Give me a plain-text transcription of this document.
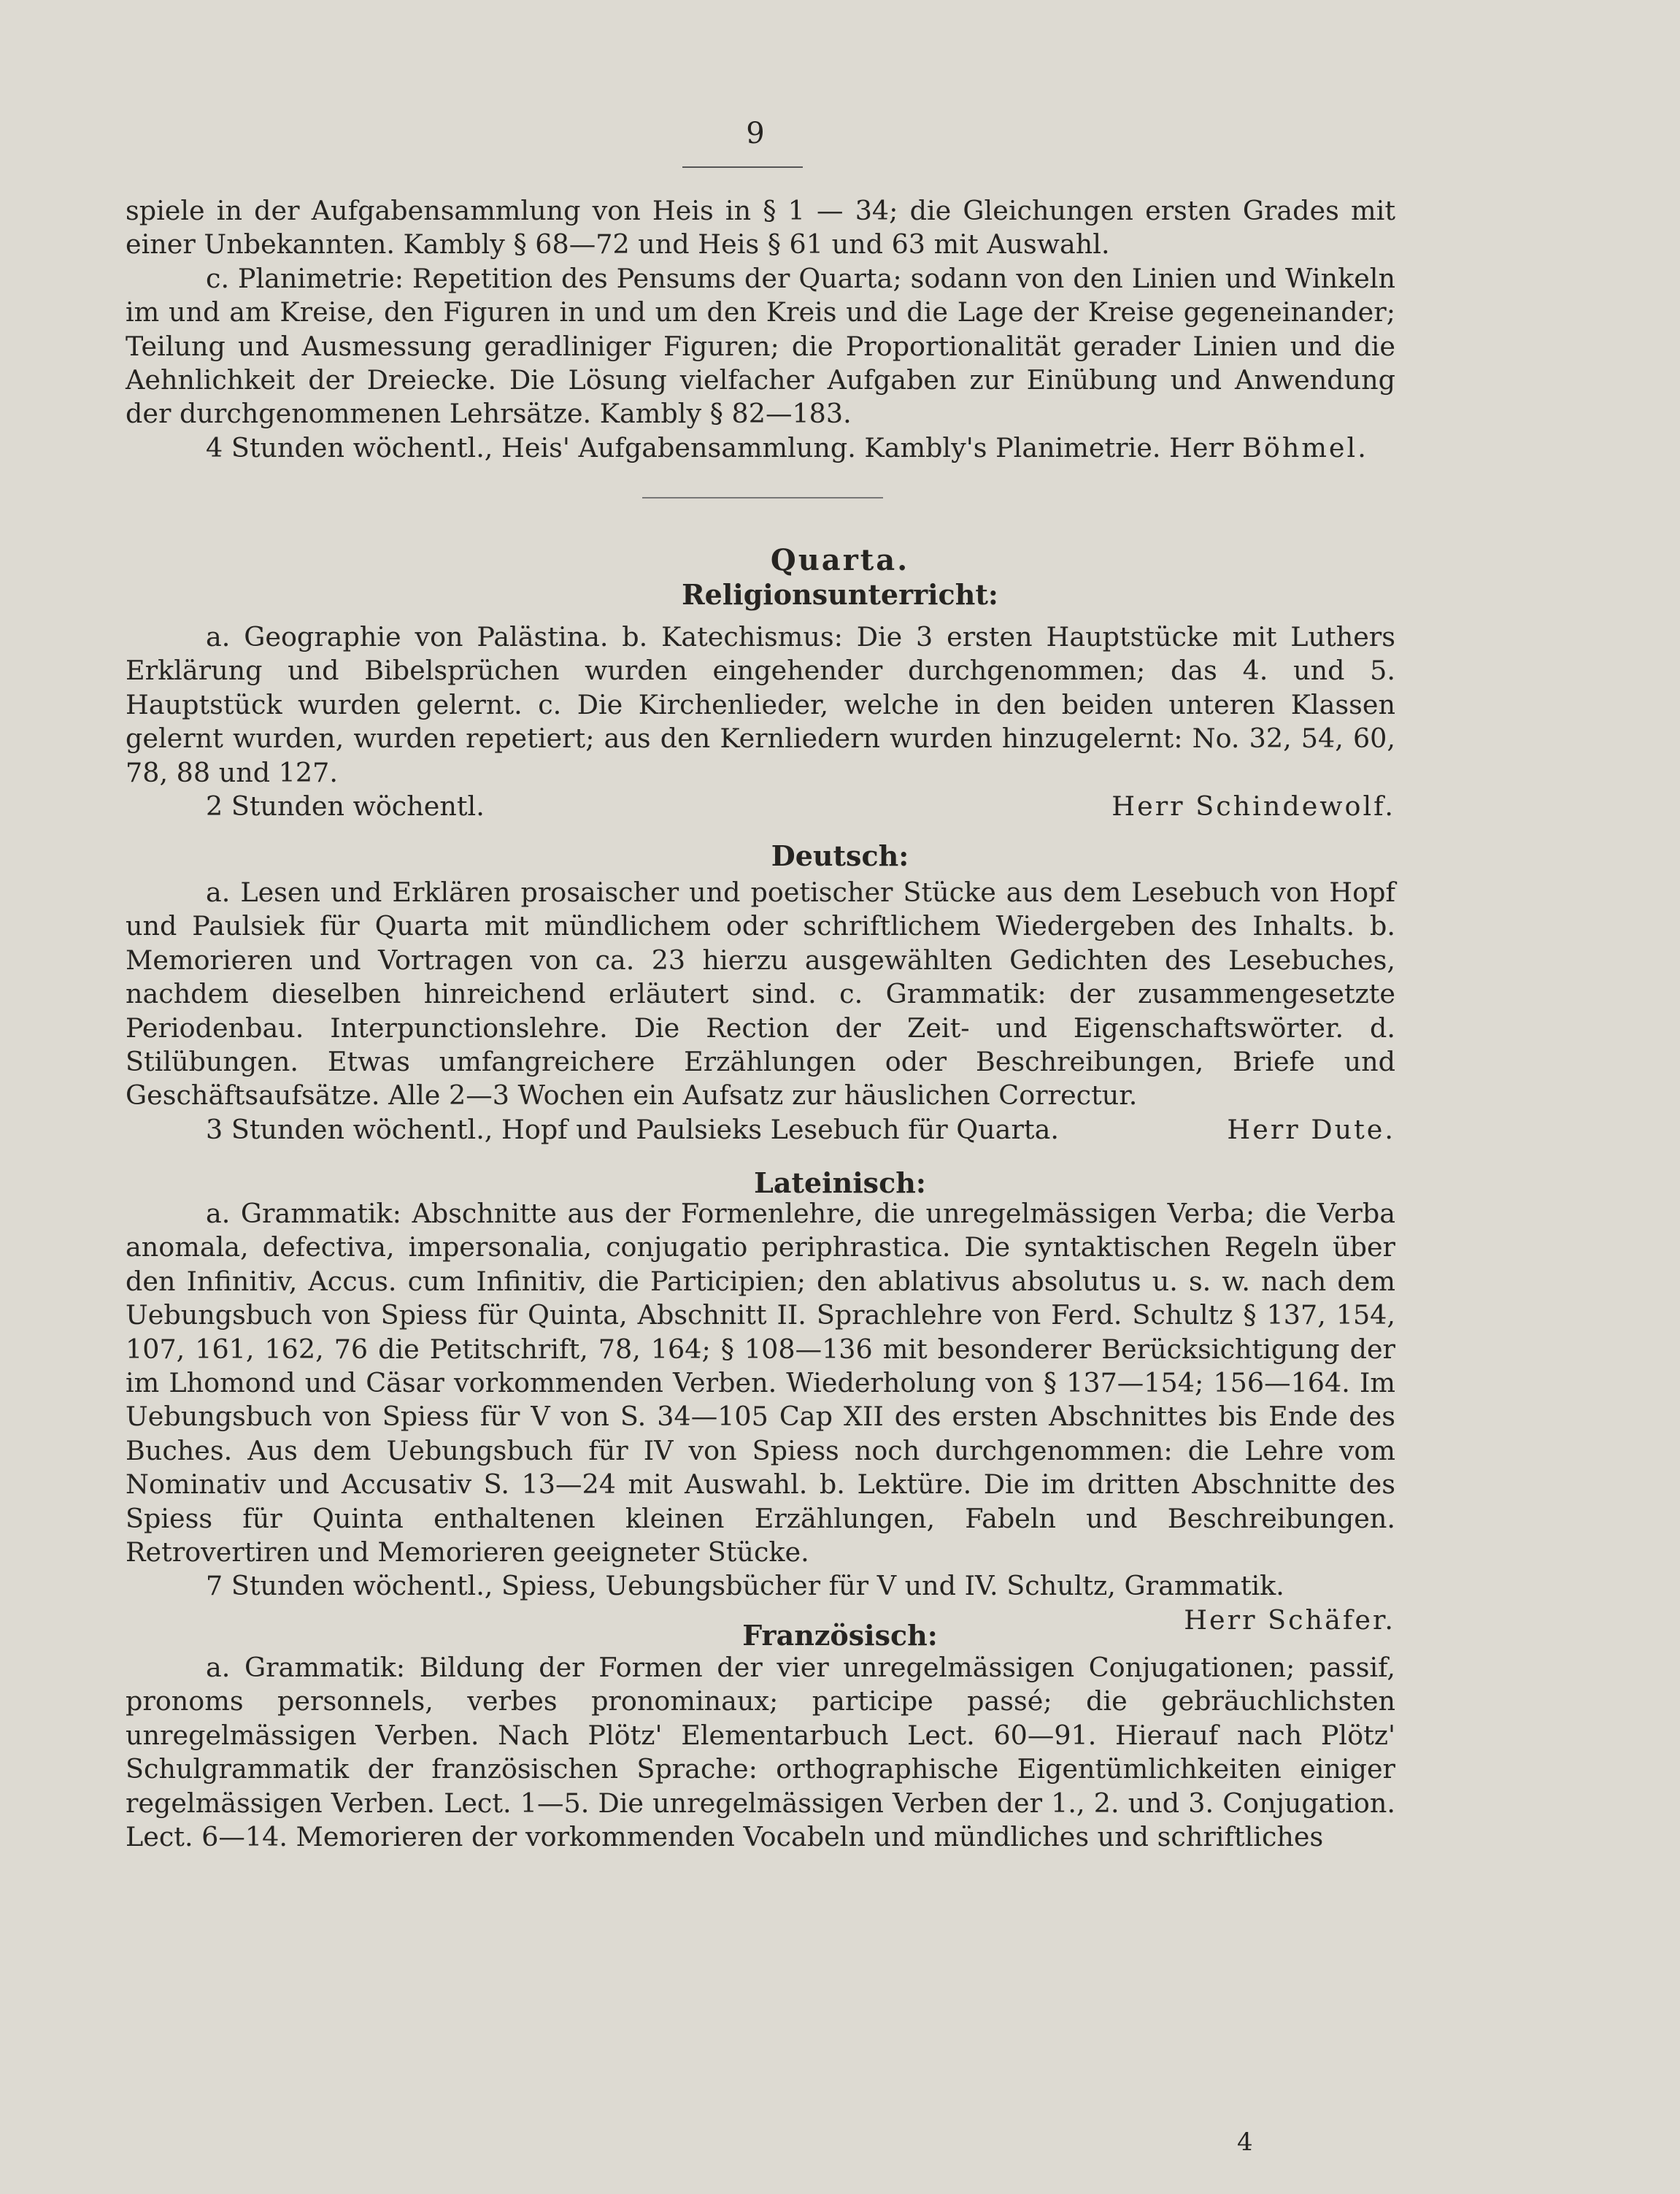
9

spiele in der Aufgabensammlung von Heis in § 1 — 34; die Gleichungen ersten Grades mit einer Unbekannten. Kambly § 68—72 und Heis § 61 und 63 mit Auswahl.

c. Planimetrie: Repetition des Pensums der Quarta; sodann von den Linien und Winkeln im und am Kreise, den Figuren in und um den Kreis und die Lage der Kreise gegeneinander; Teilung und Ausmessung geradliniger Figuren; die Proportionalität gerader Linien und die Aehnlichkeit der Dreiecke. Die Lösung vielfacher Aufgaben zur Einübung und Anwendung der durchgenommenen Lehrsätze. Kambly § 82—183.

4 Stunden wöchentl., Heis' Aufgabensammlung. Kambly's Planimetrie. Herr Böhmel.

Quarta.
Religionsunterricht:

a. Geographie von Palästina. b. Katechismus: Die 3 ersten Hauptstücke mit Luthers Erklärung und Bibelsprüchen wurden eingehender durchgenommen; das 4. und 5. Hauptstück wurden gelernt. c. Die Kirchenlieder, welche in den beiden unteren Klassen gelernt wurden, wurden repetiert; aus den Kernliedern wurden hinzugelernt: No. 32, 54, 60, 78, 88 und 127.

2 Stunden wöchentl.	Herr Schindewolf.

Deutsch:

a. Lesen und Erklären prosaischer und poetischer Stücke aus dem Lesebuch von Hopf und Paulsiek für Quarta mit mündlichem oder schriftlichem Wiedergeben des Inhalts. b. Memorieren und Vortragen von ca. 23 hierzu ausgewählten Gedichten des Lesebuches, nachdem dieselben hinreichend erläutert sind. c. Grammatik: der zusammengesetzte Periodenbau. Interpunctionslehre. Die Rection der Zeit- und Eigenschaftswörter. d. Stilübungen. Etwas umfangreichere Erzählungen oder Beschreibungen, Briefe und Geschäftsaufsätze. Alle 2—3 Wochen ein Aufsatz zur häuslichen Correctur.

3 Stunden wöchentl., Hopf und Paulsieks Lesebuch für Quarta.	Herr Dute.

Lateinisch:

a. Grammatik: Abschnitte aus der Formenlehre, die unregelmässigen Verba; die Verba anomala, defectiva, impersonalia, conjugatio periphrastica. Die syntaktischen Regeln über den Infinitiv, Accus. cum Infinitiv, die Participien; den ablativus absolutus u. s. w. nach dem Uebungsbuch von Spiess für Quinta, Abschnitt II. Sprachlehre von Ferd. Schultz § 137, 154, 107, 161, 162, 76 die Petitschrift, 78, 164; § 108—136 mit besonderer Berücksichtigung der im Lhomond und Cäsar vorkommenden Verben. Wiederholung von § 137—154; 156—164. Im Uebungsbuch von Spiess für V von S. 34—105 Cap XII des ersten Abschnittes bis Ende des Buches. Aus dem Uebungsbuch für IV von Spiess noch durchgenommen: die Lehre vom Nominativ und Accusativ S. 13—24 mit Auswahl. b. Lektüre. Die im dritten Abschnitte des Spiess für Quinta enthaltenen kleinen Erzählungen, Fabeln und Beschreibungen. Retrovertiren und Memorieren geeigneter Stücke.

7 Stunden wöchentl., Spiess, Uebungsbücher für V und IV. Schultz, Grammatik.

Herr Schäfer.

Französisch:

a. Grammatik: Bildung der Formen der vier unregelmässigen Conjugationen; passif, pronoms personnels, verbes pronominaux; participe passé; die gebräuchlichsten unregelmässigen Verben. Nach Plötz' Elementarbuch Lect. 60—91. Hierauf nach Plötz' Schulgrammatik der französischen Sprache: orthographische Eigentümlichkeiten einiger regelmässigen Verben. Lect. 1—5. Die unregelmässigen Verben der 1., 2. und 3. Conjugation. Lect. 6—14. Memorieren der vorkommenden Vocabeln und mündliches und schriftliches

4
